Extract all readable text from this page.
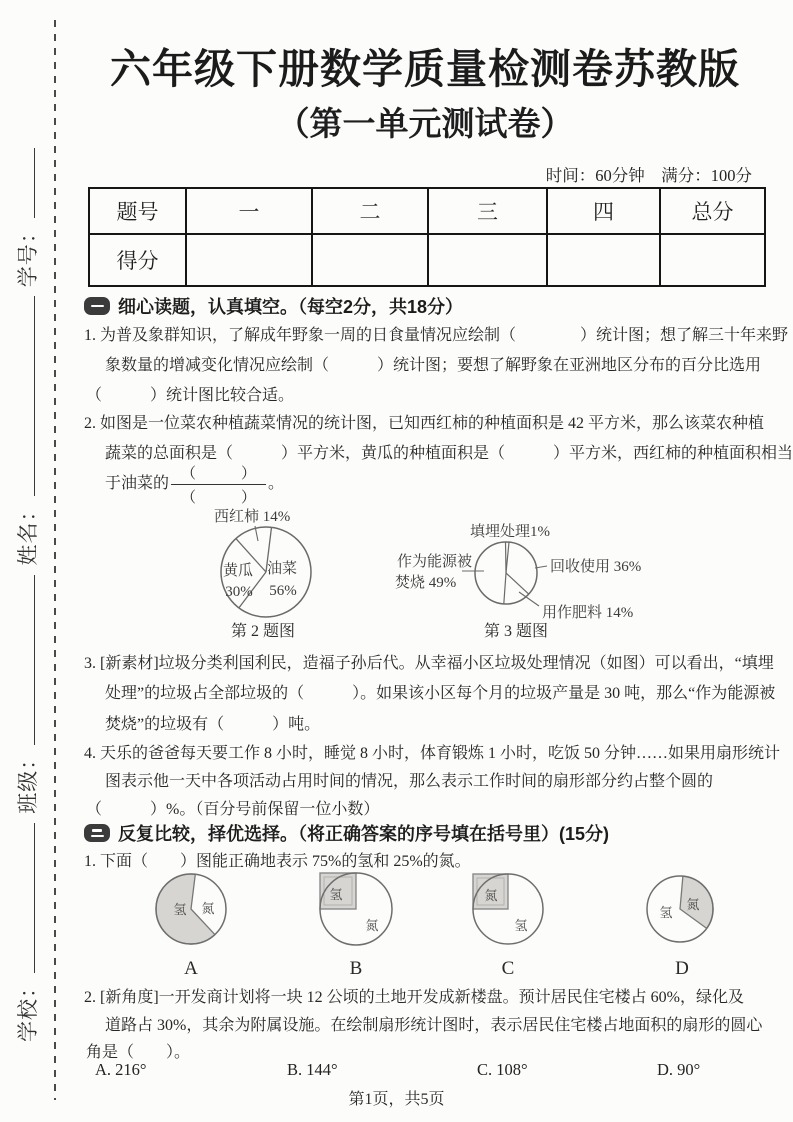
学校： 班级： 姓名： 学号：
六年级下册数学质量检测卷苏教版
（第一单元测试卷）
时间：60分钟　满分：100分
题号	一	二	三	四	总分
得分					
细心读题，认真填空。（每空2分，共18分）
1. 为普及象群知识，了解成年野象一周的日食量情况应绘制（　　　　）统计图；想了解三十年来野
象数量的增减变化情况应绘制（　　　）统计图；要想了解野象在亚洲地区分布的百分比选用
（　　　）统计图比较合适。
2. 如图是一位菜农种植蔬菜情况的统计图，已知西红柿的种植面积是 42 平方米，那么该菜农种植
蔬菜的总面积是（　　　）平方米，黄瓜的种植面积是（　　　）平方米，西红柿的种植面积相当
于油菜的 $\frac{( )}{( )}$ 。
西红柿 14%
黄瓜
30%
油菜
56%
第 2 题图
填埋处理1%
回收使用 36%
作为能源被
焚烧 49%
用作肥料 14%
第 3 题图
3. [新素材]垃圾分类利国利民，造福子孙后代。从幸福小区垃圾处理情况（如图）可以看出，“填埋
处理”的垃圾占全部垃圾的（　　　）。如果该小区每个月的垃圾产量是 30 吨，那么“作为能源被
焚烧”的垃圾有（　　　）吨。
4. 天乐的爸爸每天要工作 8 小时，睡觉 8 小时，体育锻炼 1 小时，吃饭 50 分钟……如果用扇形统计
图表示他一天中各项活动占用时间的情况，那么表示工作时间的扇形部分约占整个圆的
（　　　）%。（百分号前保留一位小数）
反复比较，择优选择。（将正确答案的序号填在括号里）(15分)
1. 下面（　　）图能正确地表示 75%的氢和 25%的氮。
氢 氮
A
氢
氮
B
氮
氢
C
氢
氮
D
2. [新角度]一开发商计划将一块 12 公顷的土地开发成新楼盘。预计居民住宅楼占 60%，绿化及
道路占 30%，其余为附属设施。在绘制扇形统计图时，表示居民住宅楼占地面积的扇形的圆心
角是（　　）。
A. 216°	B. 144°	C. 108°	D. 90°
第1页，共5页
